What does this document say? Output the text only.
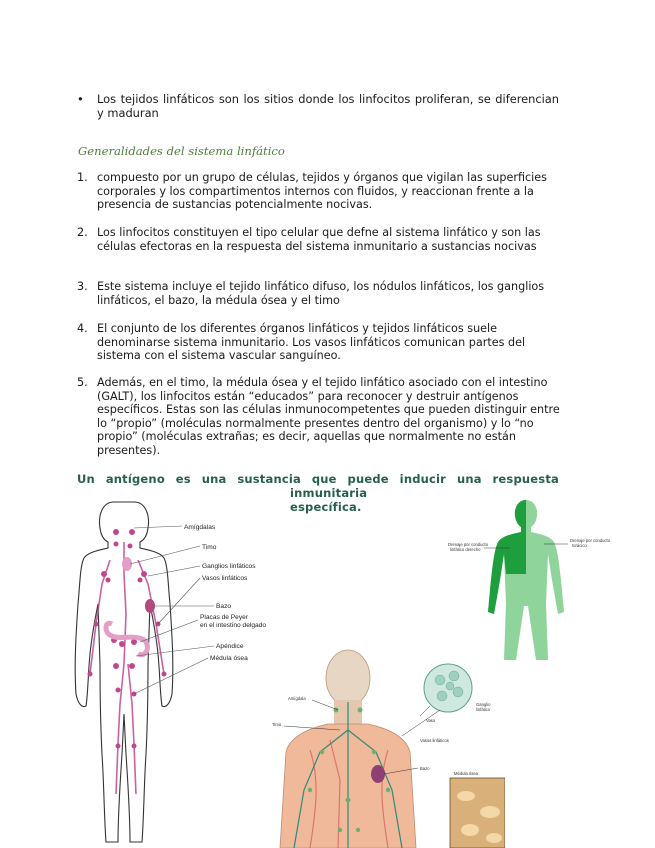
• Los tejidos linfáticos son los sitios donde los linfocitos proliferan, se diferencian y maduran
Generalidades del sistema linfático
1. compuesto por un grupo de células, tejidos y órganos que vigilan las superficies corporales y los compartimentos internos con fluidos, y reaccionan frente a la presencia de sustancias potencialmente nocivas.
2. Los linfocitos constituyen el tipo celular que defne al sistema linfático y son las células efectoras en la respuesta del sistema inmunitario a sustancias nocivas
3. Este sistema incluye el tejido linfático difuso, los nódulos linfáticos, los ganglios linfáticos, el bazo, la médula ósea y el timo
4. El conjunto de los diferentes órganos linfáticos y tejidos linfáticos suele denominarse sistema inmunitario. Los vasos linfáticos comunican partes del sistema con el sistema vascular sanguíneo.
5. Además, en el timo, la médula ósea y el tejido linfático asociado con el intestino (GALT), los linfocitos están “educados” para reconocer y destruir antígenos específicos. Estas son las células inmunocompetentes que pueden distinguir entre lo “propio” (moléculas normalmente presentes dentro del organismo) y lo “no propio” (moléculas extrañas; es decir, aquellas que normalmente no están presentes).
Un antígeno es una sustancia que puede inducir una respuesta
inmunitaria
específica.
Amígdalas
Timo
Ganglios linfáticos
Vasos linfáticos
Bazo
Placas de Peyer
en el intestino delgado
Apéndice
Médula ósea
Drenaje por conducto
linfático derecho
Drenaje por conducto
torácico
Amígdala
Timo
Ganglio
linfático
Vaso
Vasos linfáticos
Bazo
Médula ósea
